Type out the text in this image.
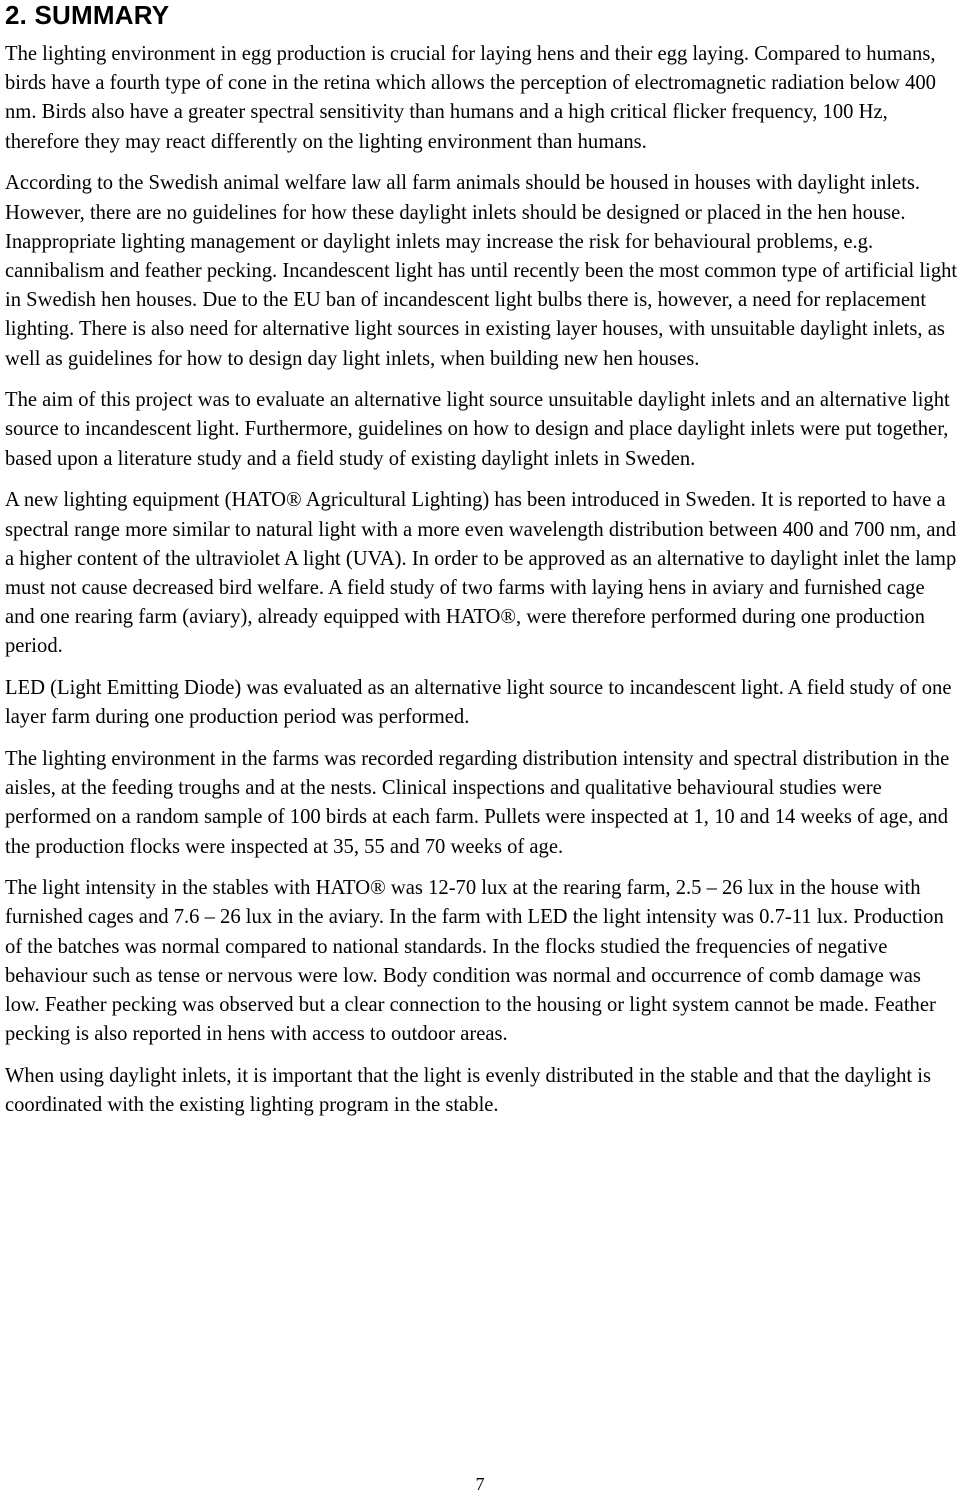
2. SUMMARY

The lighting environment in egg production is crucial for laying hens and their egg laying. Compared to humans, birds have a fourth type of cone in the retina which allows the perception of electromagnetic radiation below 400 nm. Birds also have a greater spectral sensitivity than humans and a high critical flicker frequency, 100 Hz, therefore they may react differently on the lighting environment than humans.

According to the Swedish animal welfare law all farm animals should be housed in houses with daylight inlets. However, there are no guidelines for how these daylight inlets should be designed or placed in the hen house. Inappropriate lighting management or daylight inlets may increase the risk for behavioural problems, e.g. cannibalism and feather pecking. Incandescent light has until recently been the most common type of artificial light in Swedish hen houses. Due to the EU ban of incandescent light bulbs there is, however, a need for replacement lighting. There is also need for alternative light sources in existing layer houses, with unsuitable daylight inlets, as well as guidelines for how to design day light inlets, when building new hen houses.

The aim of this project was to evaluate an alternative light source unsuitable daylight inlets and an alternative light source to incandescent light. Furthermore, guidelines on how to design and place daylight inlets were put together, based upon a literature study and a field study of existing daylight inlets in Sweden.

A new lighting equipment (HATO® Agricultural Lighting) has been introduced in Sweden. It is reported to have a spectral range more similar to natural light with a more even wavelength distribution between 400 and 700 nm, and a higher content of the ultraviolet A light (UVA). In order to be approved as an alternative to daylight inlet the lamp must not cause decreased bird welfare. A field study of two farms with laying hens in aviary and furnished cage and one rearing farm (aviary), already equipped with HATO®, were therefore performed during one production period.

LED (Light Emitting Diode) was evaluated as an alternative light source to incandescent light. A field study of one layer farm during one production period was performed.

The lighting environment in the farms was recorded regarding distribution intensity and spectral distribution in the aisles, at the feeding troughs and at the nests. Clinical inspections and qualitative behavioural studies were performed on a random sample of 100 birds at each farm. Pullets were inspected at 1, 10 and 14 weeks of age, and the production flocks were inspected at 35, 55 and 70 weeks of age.

The light intensity in the stables with HATO® was 12-70 lux at the rearing farm, 2.5 – 26 lux in the house with furnished cages and 7.6 – 26 lux in the aviary. In the farm with LED the light intensity was 0.7-11 lux. Production of the batches was normal compared to national standards. In the flocks studied the frequencies of negative behaviour such as tense or nervous were low. Body condition was normal and occurrence of comb damage was low. Feather pecking was observed but a clear connection to the housing or light system cannot be made. Feather pecking is also reported in hens with access to outdoor areas.

When using daylight inlets, it is important that the light is evenly distributed in the stable and that the daylight is coordinated with the existing lighting program in the stable.

7
